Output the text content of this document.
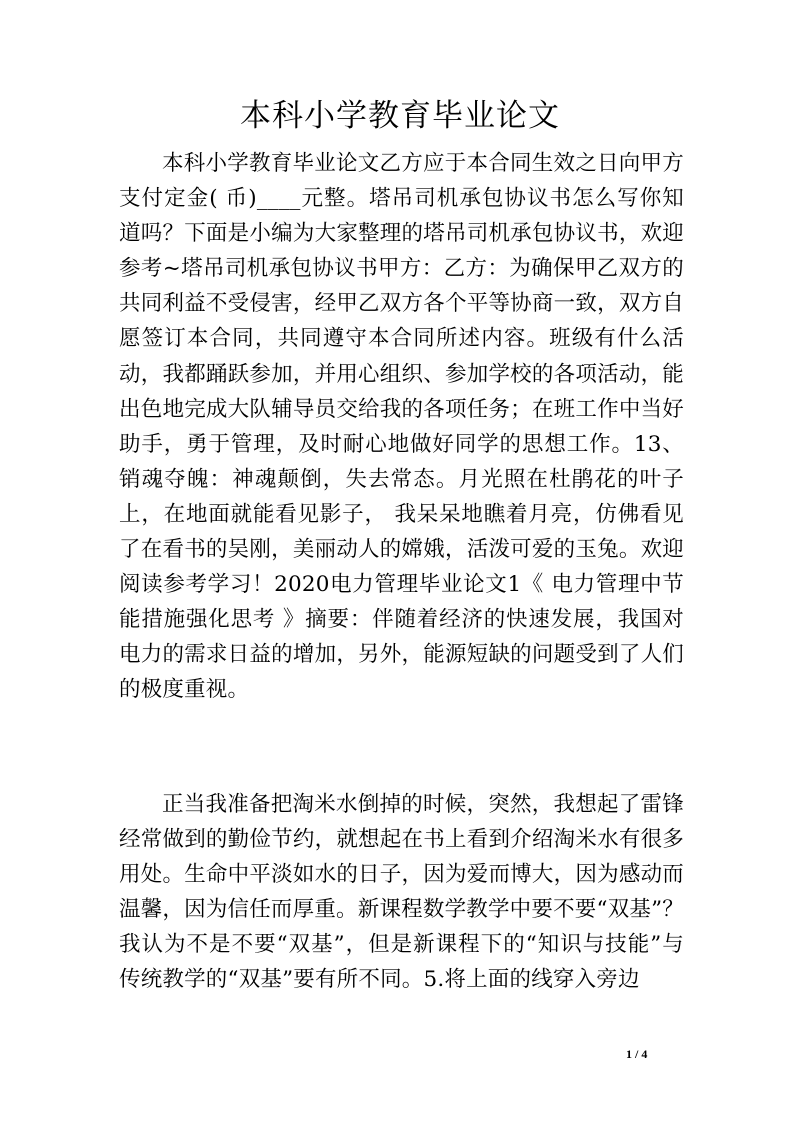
本科小学教育毕业论文

本科小学教育毕业论文乙方应于本合同生效之日向甲方支付定金( 币)____元整。塔吊司机承包协议书怎么写你知道吗？下面是小编为大家整理的塔吊司机承包协议书，欢迎参考~塔吊司机承包协议书甲方：乙方：为确保甲乙双方的共同利益不受侵害，经甲乙双方各个平等协商一致，双方自愿签订本合同，共同遵守本合同所述内容。班级有什么活动，我都踊跃参加，并用心组织、参加学校的各项活动，能出色地完成大队辅导员交给我的各项任务；在班工作中当好助手，勇于管理，及时耐心地做好同学的思想工作。13、销魂夺魄：神魂颠倒，失去常态。月光照在杜鹃花的叶子上，在地面就能看见影子， 我呆呆地瞧着月亮，仿佛看见了在看书的吴刚，美丽动人的嫦娥，活泼可爱的玉兔。欢迎阅读参考学习！2020电力管理毕业论文1《 电力管理中节能措施强化思考 》摘要：伴随着经济的快速发展，我国对电力的需求日益的增加，另外，能源短缺的问题受到了人们的极度重视。

正当我准备把淘米水倒掉的时候，突然，我想起了雷锋经常做到的勤俭节约，就想起在书上看到介绍淘米水有很多用处。生命中平淡如水的日子，因为爱而博大，因为感动而温馨，因为信任而厚重。新课程数学教学中要不要“双基”？我认为不是不要“双基”，但是新课程下的“知识与技能”与传统教学的“双基”要有所不同。5.将上面的线穿入旁边

1 / 4
